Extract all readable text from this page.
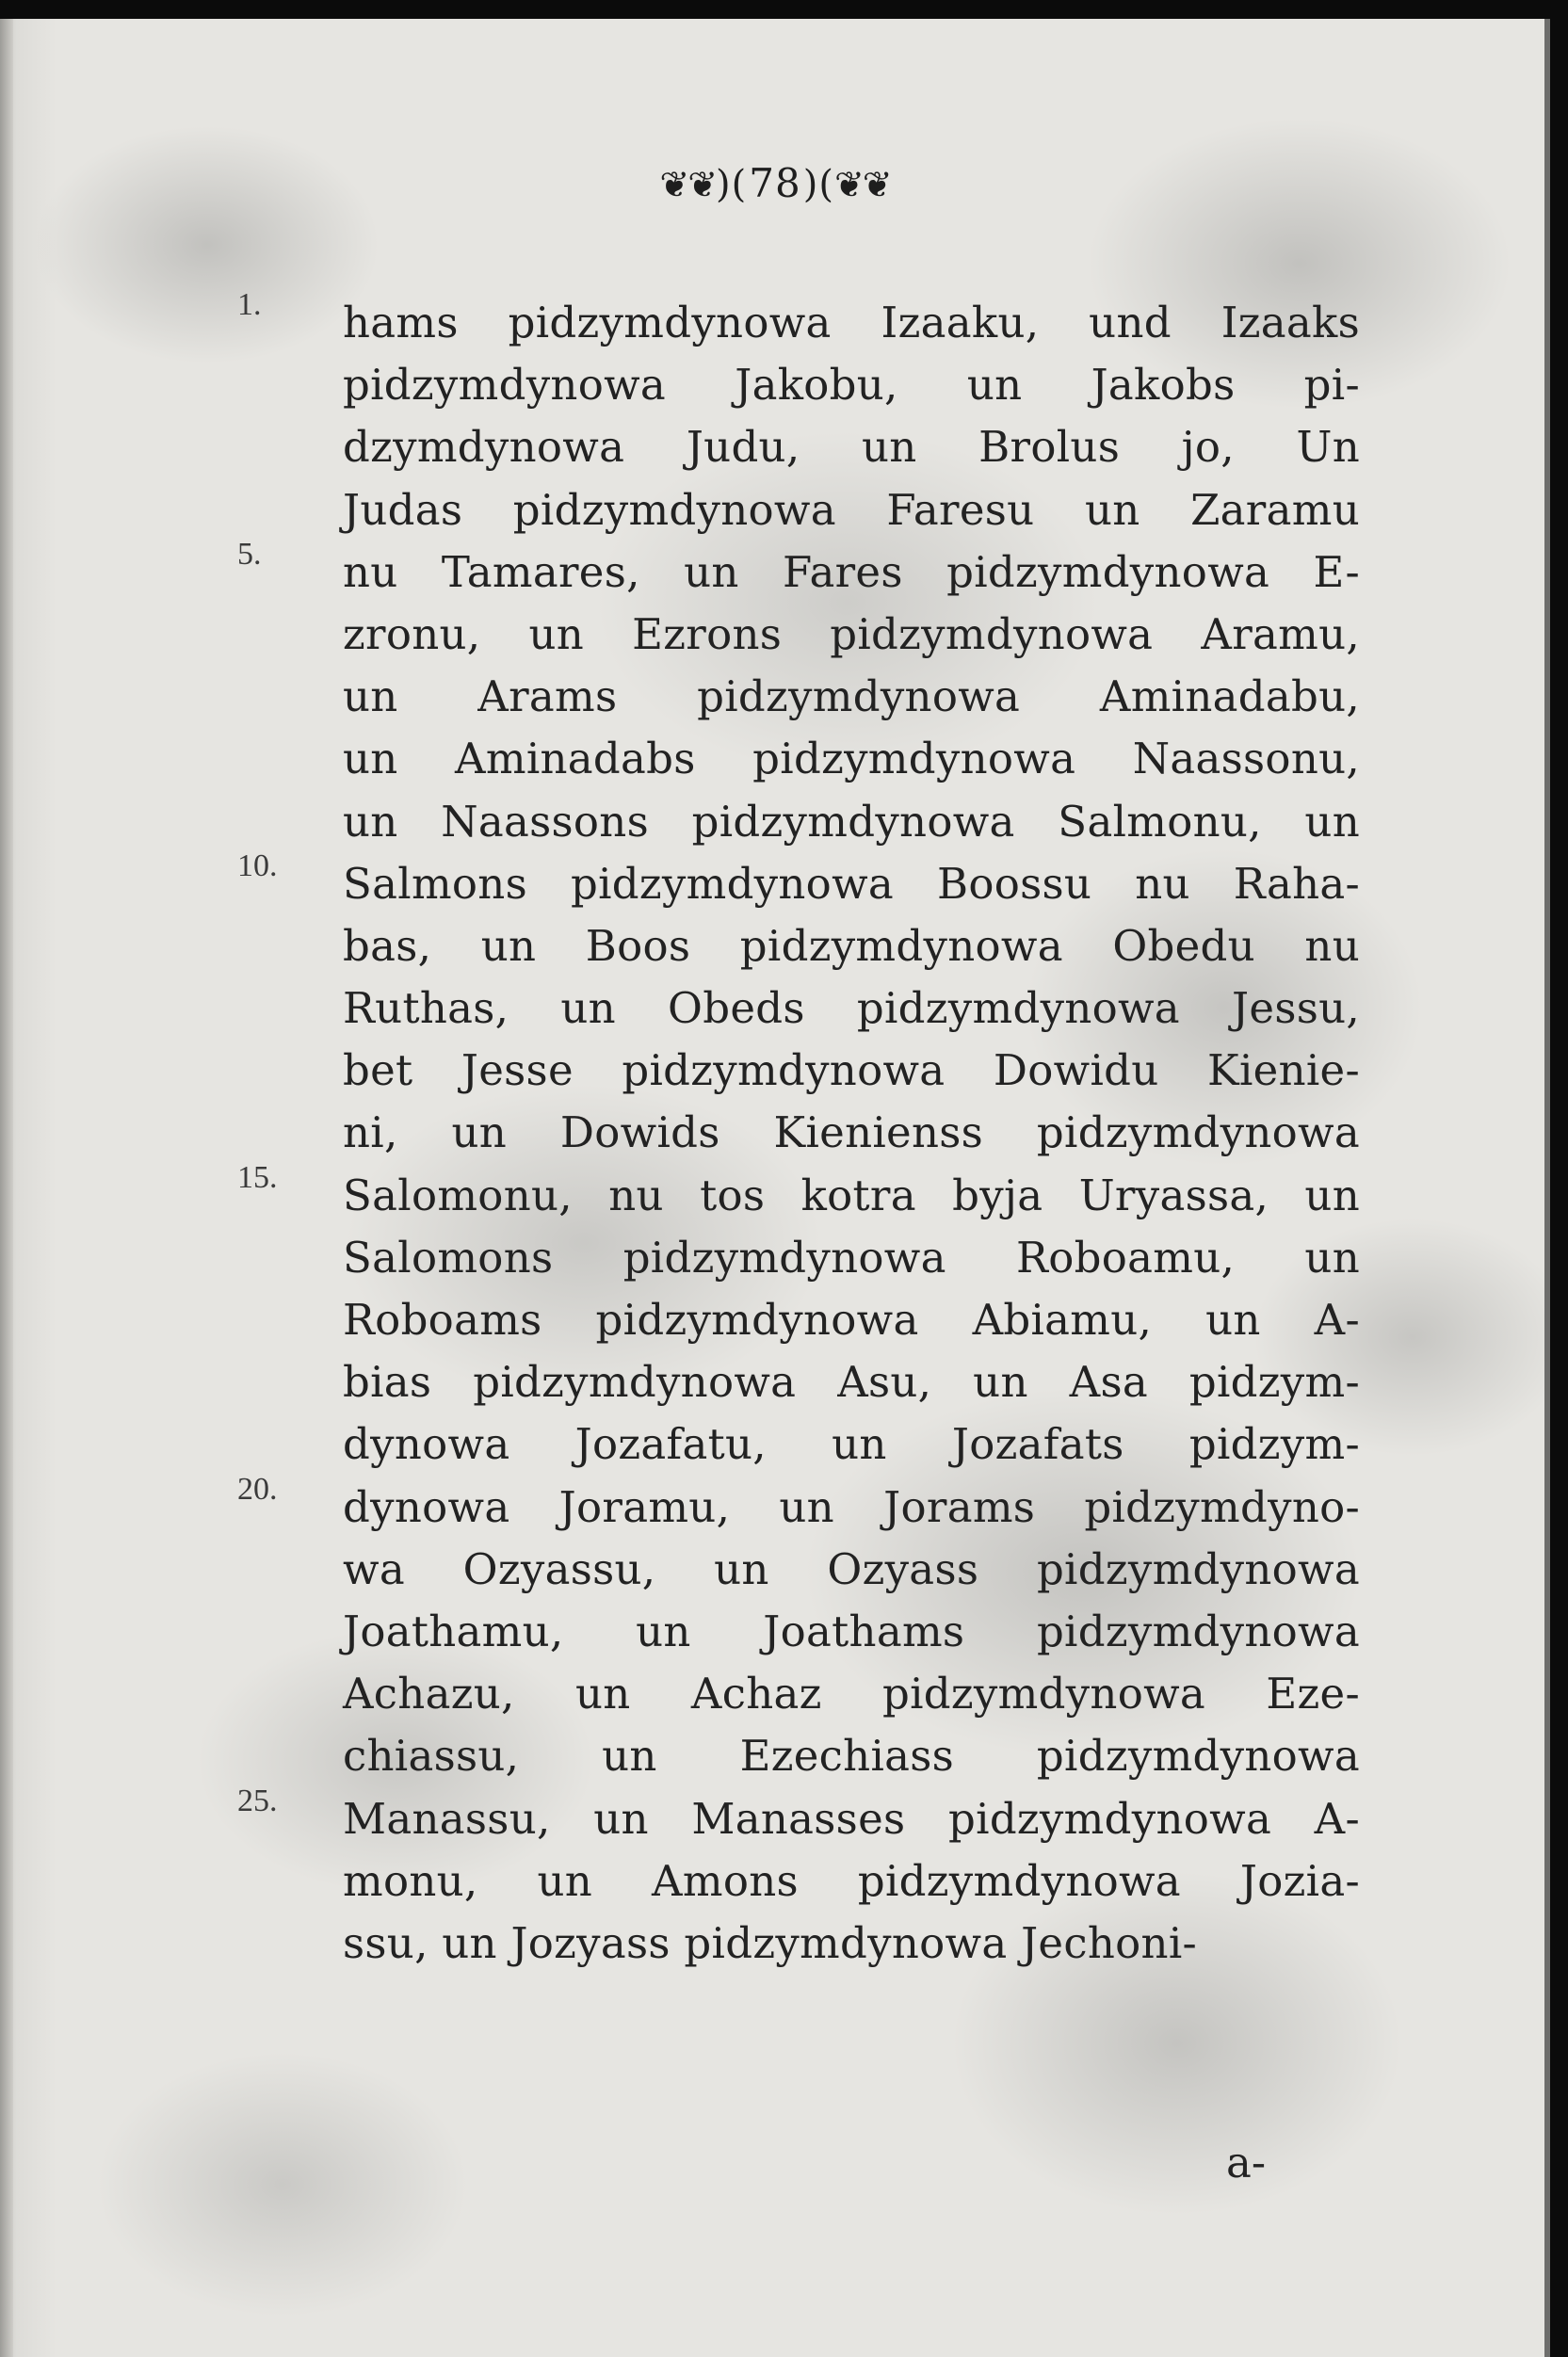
❦❦)(78)(❦❦
1.
5.
10.
15.
20.
25.
hams pidzymdynowa Izaaku, und Izaaks
pidzymdynowa Jakobu, un Jakobs pi-
dzymdynowa Judu, un Brolus jo, Un
Judas pidzymdynowa Faresu un Zaramu
nu Tamares, un Fares pidzymdynowa E-
zronu, un Ezrons pidzymdynowa Aramu,
un Arams pidzymdynowa Aminadabu,
un Aminadabs pidzymdynowa Naassonu,
un Naassons pidzymdynowa Salmonu, un
Salmons pidzymdynowa Boossu nu Raha-
bas, un Boos pidzymdynowa Obedu nu
Ruthas, un Obeds pidzymdynowa Jessu,
bet Jesse pidzymdynowa Dowidu Kienie-
ni, un Dowids Kienienss pidzymdynowa
Salomonu, nu tos kotra byja Uryassa, un
Salomons pidzymdynowa Roboamu, un
Roboams pidzymdynowa Abiamu, un A-
bias pidzymdynowa Asu, un Asa pidzym-
dynowa Jozafatu, un Jozafats pidzym-
dynowa Joramu, un Jorams pidzymdyno-
wa Ozyassu, un Ozyass pidzymdynowa
Joathamu, un Joathams pidzymdynowa
Achazu, un Achaz pidzymdynowa Eze-
chiassu, un Ezechiass pidzymdynowa
Manassu, un Manasses pidzymdynowa A-
monu, un Amons pidzymdynowa Jozia-
ssu, un Jozyass pidzymdynowa Jechoni-
a-
